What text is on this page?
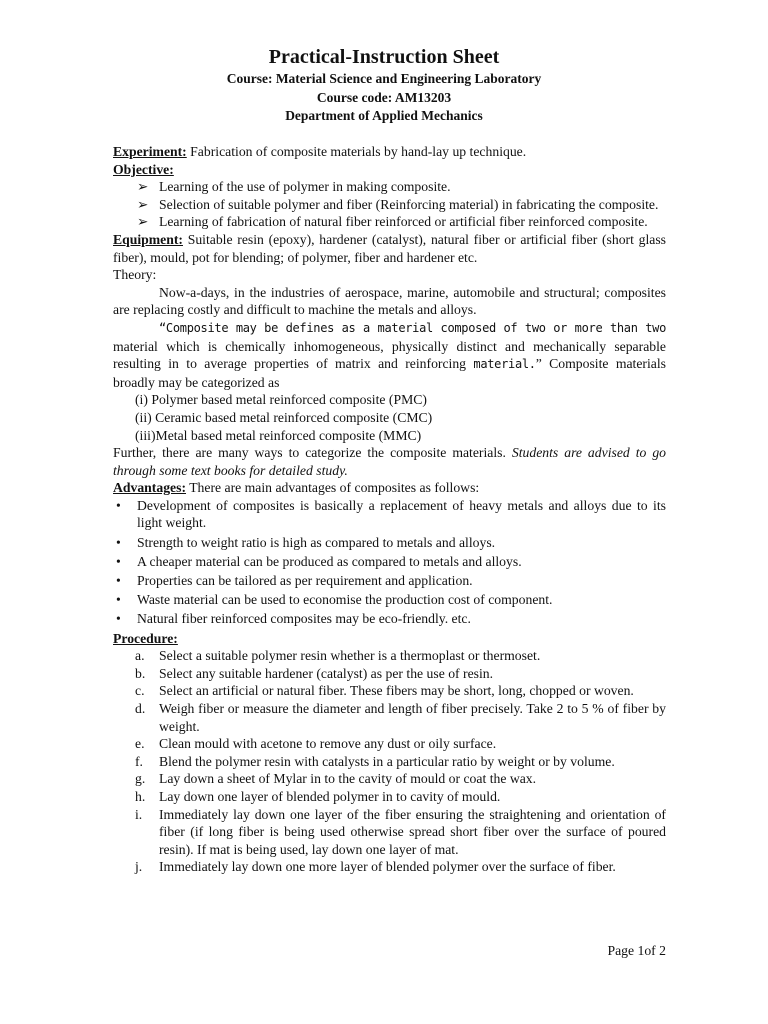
Practical-Instruction Sheet
Course: Material Science and Engineering Laboratory
Course code: AM13203
Department of Applied Mechanics

Experiment: Fabrication of composite materials by hand-lay up technique.

Objective:

➢ Learning of the use of polymer in making composite.
➢ Selection of suitable polymer and fiber (Reinforcing material) in fabricating the composite.
➢ Learning of fabrication of natural fiber reinforced or artificial fiber reinforced composite.

Equipment: Suitable resin (epoxy), hardener (catalyst), natural fiber or artificial fiber (short glass fiber), mould, pot for blending; of polymer, fiber and hardener etc.

Theory:

Now-a-days, in the industries of aerospace, marine, automobile and structural; composites are replacing costly and difficult to machine the metals and alloys.

“Composite may be defines as a material composed of two or more than two material which is chemically inhomogeneous, physically distinct and mechanically separable resulting in to average properties of matrix and reinforcing material.” Composite materials broadly may be categorized as

(i) Polymer based metal reinforced composite (PMC)
(ii) Ceramic based metal reinforced composite (CMC)
(iii)Metal based metal reinforced composite (MMC)

Further, there are many ways to categorize the composite materials. Students are advised to go through some text books for detailed study.

Advantages: There are main advantages of composites as follows:

• Development of composites is basically a replacement of heavy metals and alloys due to its light weight.
• Strength to weight ratio is high as compared to metals and alloys.
• A cheaper material can be produced as compared to metals and alloys.
• Properties can be tailored as per requirement and application.
• Waste material can be used to economise the production cost of component.
• Natural fiber reinforced composites may be eco-friendly. etc.

Procedure:

a. Select a suitable polymer resin whether is a thermoplast or thermoset.
b. Select any suitable hardener (catalyst) as per the use of resin.
c. Select an artificial or natural fiber. These fibers may be short, long, chopped or woven.
d. Weigh fiber or measure the diameter and length of fiber precisely. Take 2 to 5 % of fiber by weight.
e. Clean mould with acetone to remove any dust or oily surface.
f. Blend the polymer resin with catalysts in a particular ratio by weight or by volume.
g. Lay down a sheet of Mylar in to the cavity of mould or coat the wax.
h. Lay down one layer of blended polymer in to cavity of mould.
i. Immediately lay down one layer of the fiber ensuring the straightening and orientation of fiber (if long fiber is being used otherwise spread short fiber over the surface of poured resin). If mat is being used, lay down one layer of mat.
j. Immediately lay down one more layer of blended polymer over the surface of fiber.
Page 1of 2
